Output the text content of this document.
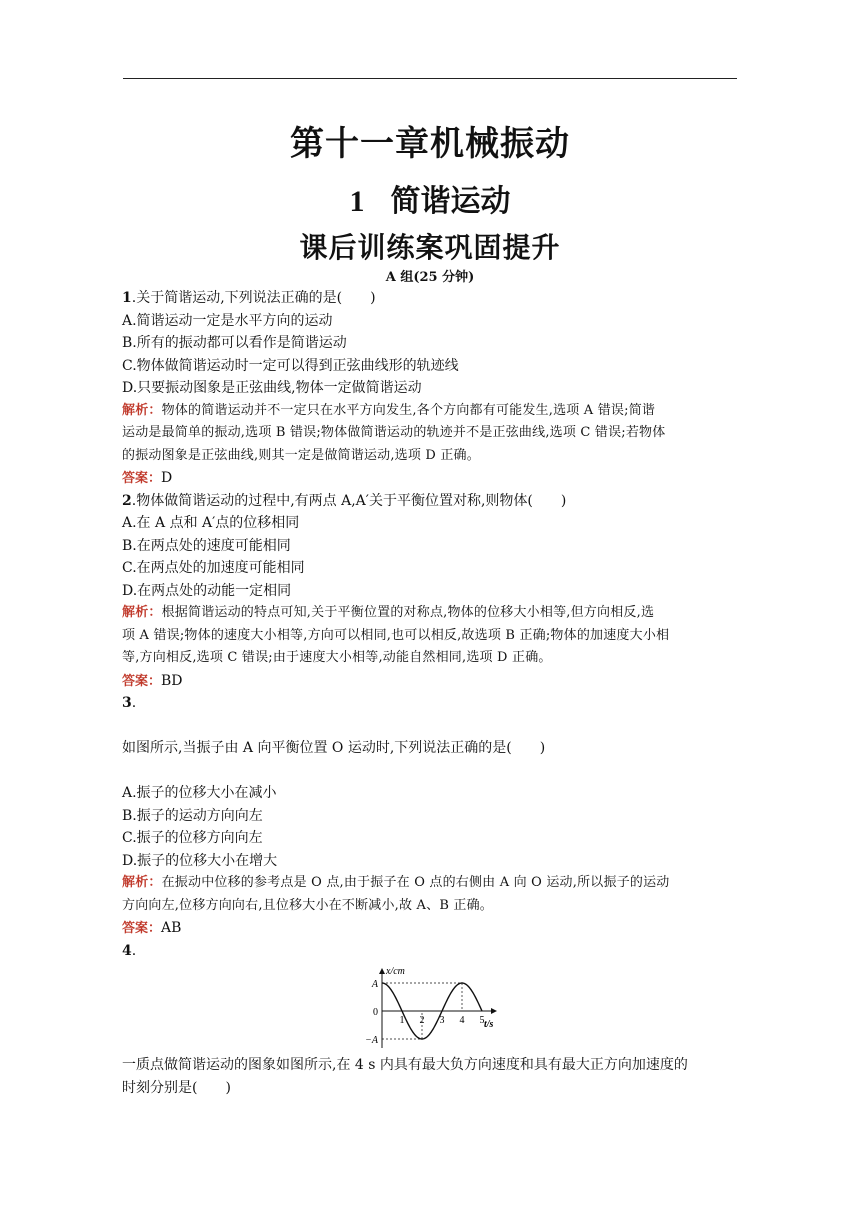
第十一章机械振动
1 简谐运动
课后训练案巩固提升
A 组(25 分钟)
1.关于简谐运动,下列说法正确的是(　　)
A.简谐运动一定是水平方向的运动
B.所有的振动都可以看作是简谐运动
C.物体做简谐运动时一定可以得到正弦曲线形的轨迹线
D.只要振动图象是正弦曲线,物体一定做简谐运动
解析：物体的简谐运动并不一定只在水平方向发生,各个方向都有可能发生,选项 A 错误;简谐
运动是最简单的振动,选项 B 错误;物体做简谐运动的轨迹并不是正弦曲线,选项 C 错误;若物体
的振动图象是正弦曲线,则其一定是做简谐运动,选项 D 正确。
答案：D
2.物体做简谐运动的过程中,有两点 A,A′关于平衡位置对称,则物体(　　)
A.在 A 点和 A′点的位移相同
B.在两点处的速度可能相同
C.在两点处的加速度可能相同
D.在两点处的动能一定相同
解析：根据简谐运动的特点可知,关于平衡位置的对称点,物体的位移大小相等,但方向相反,选
项 A 错误;物体的速度大小相等,方向可以相同,也可以相反,故选项 B 正确;物体的加速度大小相
等,方向相反,选项 C 错误;由于速度大小相等,动能自然相同,选项 D 正确。
答案：BD
3.
如图所示,当振子由 A 向平衡位置 O 运动时,下列说法正确的是(　　)
A.振子的位移大小在减小
B.振子的运动方向向左
C.振子的位移方向向左
D.振子的位移大小在增大
解析：在振动中位移的参考点是 O 点,由于振子在 O 点的右侧由 A 向 O 运动,所以振子的运动
方向向左,位移方向向右,且位移大小在不断减小,故 A、B 正确。
答案：AB
4.
x/cm
t/s
A
0
−A
1 2 3 4 5
一质点做简谐运动的图象如图所示,在 4 s 内具有最大负方向速度和具有最大正方向加速度的
时刻分别是(　　)
